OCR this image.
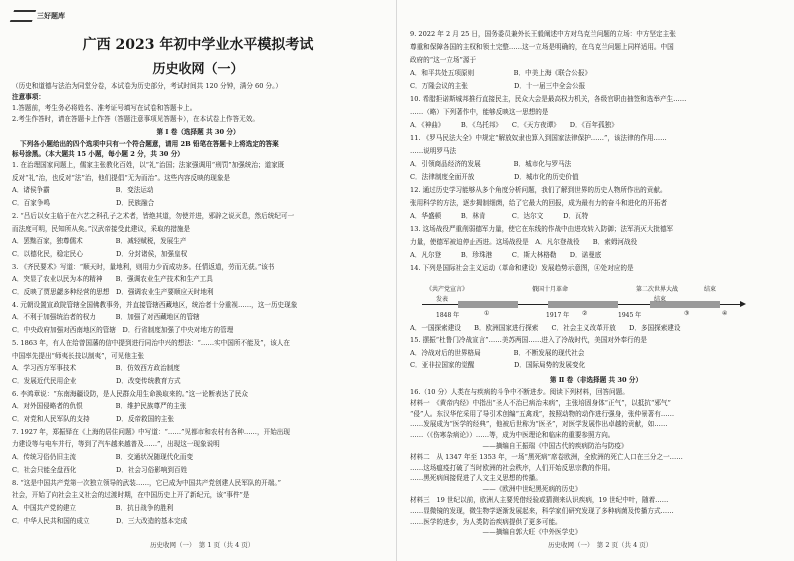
三好题库
广西 2023 年初中学业水平模拟考试
历史收网（一）
（历史和道德与法治为同堂分卷，本试卷为历史部分，考试时间共 120 分钟，满分 60 分。）
注意事项：
1.答题前，考生务必将姓名、准考证号填写在试卷和答题卡上。
2.考生作答时，请在答题卡上作答（答题注意事项见答题卡），在本试卷上作答无效。
第 Ⅰ 卷（选择题 共 30 分）
下列各小题给出的四个选项中只有一个符合题意，请用 2B 铅笔在答题卡上将选定的答案
标号涂黑。（本大题共 15 小题，每小题 2 分，共 30 分）
1. 在治理国家问题上，儒家主张教化百姓，以“礼”治国；法家强调用“刑罚”加强统治；道家既
反对“礼”治，也反对“法”治，他们提倡“无为而治”。这些内容反映的现象是
A．诸侯争霸　　　　　　　　　　B．变法运动
C．百家争鸣　　　　　　　　　　D．民族融合
2. “吕后以女主临于在六艺之科孔子之术者，皆绝其道，勿使并进，邪辟之说灭息，然后统纪可一
而法度可明，民知所从矣。”汉武帝接受此建议，采取的措施是
A．罢黜百家，独尊儒术　　　　　B．减轻赋税，发展生产
C．以德化民，稳定民心　　　　　D．分封诸侯，加强皇权
3. 《齐民要术》写道：“顺天时，量地利，则用力少而成功多。任情返道，劳而无获。”该书
A．突显了农业以民为本的精神　　B．强调农业生产技术和生产工具
C．反映了贾思勰多种经营的思想　D．强调农业生产要顺应天时地利
4. 元朝设置宣政院管辖全国佛教事务，并直接管辖西藏地区，统治者十分重视……，这一历史现象
A．不利于加强统治者的权力　　　B．加强了对西藏地区的管辖
C．中央政府加强对西南地区的管辖　D．行省制度加强了中央对地方的管理
5. 1863 年，有人在给曾国藩的信中提到进行同治中兴的想法：“……实中国所不能及”，该人在
中国率先提出“师夷长技以制夷”，可见他主张
A．学习西方军事技术　　　　　　B．仿效西方政治制度
C．发展近代民用企业　　　　　　D．改变传统教育方式
6. 李鸿章说：“东南海疆设防，是人民群众用生命换取来的。”这一论断表达了民众
A．对外国侵略者的仇恨　　　　　B．维护民族尊严的主张
C．对党和人民军队的支持　　　　D．反帝救国的主张
7. 1927 年，郑振铎在《上海的居住问题》中写道：“……”见都市和农村有各种……，开始出现
力建设等与电车并行，等到了汽车越来越普及……”，出现这一现象说明
A．传统习俗仍旧主流　　　　　　B．交通状况随现代化而变
C．社会只能全盘西化　　　　　　D．社会习俗影响到百姓
8. “这是中国共产党第一次独立领导的武装……，它已成为中国共产党创建人民军队的开端。”
社会，开始了向社会主义社会的过渡时期，在中国历史上开了新纪元，该“事件”是
A．中国共产党的建立　　　　　　B．抗日战争的胜利
C．中华人民共和国的成立　　　　D．三大改造的基本完成
历史收网（一）　第 1 页（共 4 页）
9. 2022 年 2 月 25 日，国务委员兼外长王毅阐述中方对乌克兰问题的立场：中方坚定主张
尊重和保障各国的主权和领土完整……这一立场是明确的，在乌克兰问题上同样适用。中国
政府的“这一立场”源于
A．和平共处五项原则　　　　　　B．中美上海《联合公报》
C．万隆会议的主张　　　　　　　D．十一届三中全会公报
10. 希腊拒诺斯城邦推行直接民主，民众大会是最高权力机关，各级官职由抽签和选举产生……
……（略）下列著作中，能够反映这一思想的是
A．《神曲》　　　B．《乌托邦》　　C．《天方夜谭》　　D．《百年孤独》
11. 《罗马民法大全》中规定“解放奴隶也算入到国家法律保护……”，该法律的作用……
……说明罗马法
A．引领商品经济的发展　　　　　B．城市化与罗马法
C．法律制度全面开放　　　　　　D．城市化的历史价值
12. 通过历史学习能够从多个角度分析问题，我们了解到世界的历史人物所作出的贡献。
张用科学的方法，逐步揭制细菌，给了它最大的回报，成为最有力的奋斗和进化的开拓者
A．华盛顿　　　B．林肯　　　　C．达尔文　　　D．瓦特
13. 这场战役严重削弱德军力量，使它在东线的作战中由进攻转入防御；法军消灭大批德军
力量，使德军被迫停止西进。这场战役是　A．凡尔登战役　　B．索姆河战役
A．凡尔登　　　B．珍珠港　　　C．斯大林格勒　　D．诺曼底
14. 下列是国际社会主义运动（革命和建设）发展趋势示意图，④处对应的是
A．一国探索建设　　B．欧洲国家进行探索　　C．社会主义改革开放　　D．多国探索建设
15. 摆振“杜鲁门冷战宣言”……美苏两国……进入了冷战时代，美国对外奉行的是
A．冷战对后的世界格局　　　　　B．不断发展的现代社会
C．亚非拉国家的觉醒　　　　　　D．国际局势的发展变化
第 Ⅱ 卷（非选择题 共 30 分）
16.（10 分）人类在与疾病的斗争中不断进步。阅读下列材料，回答问题。
材料一　《黄帝内经》中指出“圣人不治已病治未病”，主张培固身体“正气”，以抵抗“邪气”
“侵”人。东汉华佗采用了导引术创编“五禽戏”，按照动物的动作进行强身，张仲景著有……
……发展成为“医学的经典”，他被后世称为“医圣”，对医学发展作出卓越的贡献，如……
……（《伤寒杂病论》）……等，成为中医理论和临床的重要参照方向。
　　　　　　　　　　　——摘编自王振瑞《中国古代的疾病防治与防疫》
材料二　从 1347 年至 1353 年，一场“黑死病”席卷欧洲，全欧洲的死亡人口在三分之一……
……这场瘟疫打破了当时欧洲的社会秩序，人们开始反思宗教的作用。
……黑死病间接促进了人文主义思想的传播。
　　　　　　　　　　　——《欧洲中世纪黑死病的历史》
材料三　19 世纪以前，欧洲人主要凭借经验或猜测来认识疾病，19 世纪中叶，随着……
……显微镜的发现，微生物学逐渐发展起来，科学家们研究发现了多种病菌及传播方式……
……医学的进步，为人类防治疾病提供了更多可能。
　　　　　　　　　　　——摘编自郭大旺《中外医学史》
历史收网（一）　第 2 页（共 4 页）
《共产党宣言》	俄国十月革命	第二次世界大战
发表	结束
结束
1848 年	1917 年	1945 年
①	②	③	④
